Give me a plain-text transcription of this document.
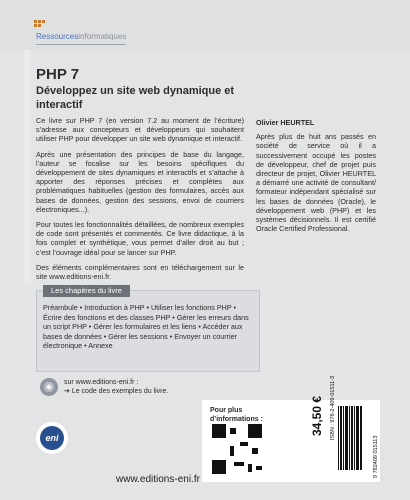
Ressourcesinformatiques
PHP 7
Développez un site web dynamique et interactif

Ce livre sur PHP 7 (en version 7.2 au moment de l’écriture) s’adresse aux concepteurs et développeurs qui souhaitent utiliser PHP pour développer un site web dynamique et interactif.

Après une présentation des principes de base du langage, l’auteur se focalise sur les besoins spécifiques du développement de sites dynamiques et interactifs et s’attache à apporter des réponses précises et complètes aux problématiques habituelles (gestion des formulaires, accès aux bases de données, gestion des sessions, envoi de courriers électroniques...).

Pour toutes les fonctionnalités détaillées, de nombreux exemples de code sont présentés et commentés. Ce livre didactique, à la fois complet et synthétique, vous permet d’aller droit au but ; c’est l’ouvrage idéal pour se lancer sur PHP.

Des éléments complémentaires sont en téléchargement sur le site www.editions-eni.fr.

Olivier HEURTEL
Après plus de huit ans passés en société de service où il a successivement occupé les postes de développeur, chef de projet puis directeur de projet, Olivier HEURTEL a démarré une activité de consultant/ formateur indépendant spécialisé sur les bases de données (Oracle), le développement web (PHP) et les systèmes décisionnels. Il est certifié Oracle Certified Professional.
Les chapitres du livre
Préambule • Introduction à PHP • Utiliser les fonctions PHP • Écrire des fonctions et des classes PHP • Gérer les erreurs dans un script PHP • Gérer les formulaires et les liens • Accéder aux bases de données • Gérer les sessions • Envoyer un courrier électronique • Annexe
sur www.editions-eni.fr :
➔ Le code des exemples du livre.
eni
www.editions-eni.fr
Pour plus d’informations :	34,50 € ISBN : 978-2-409-01511-3
9 782409 015113
